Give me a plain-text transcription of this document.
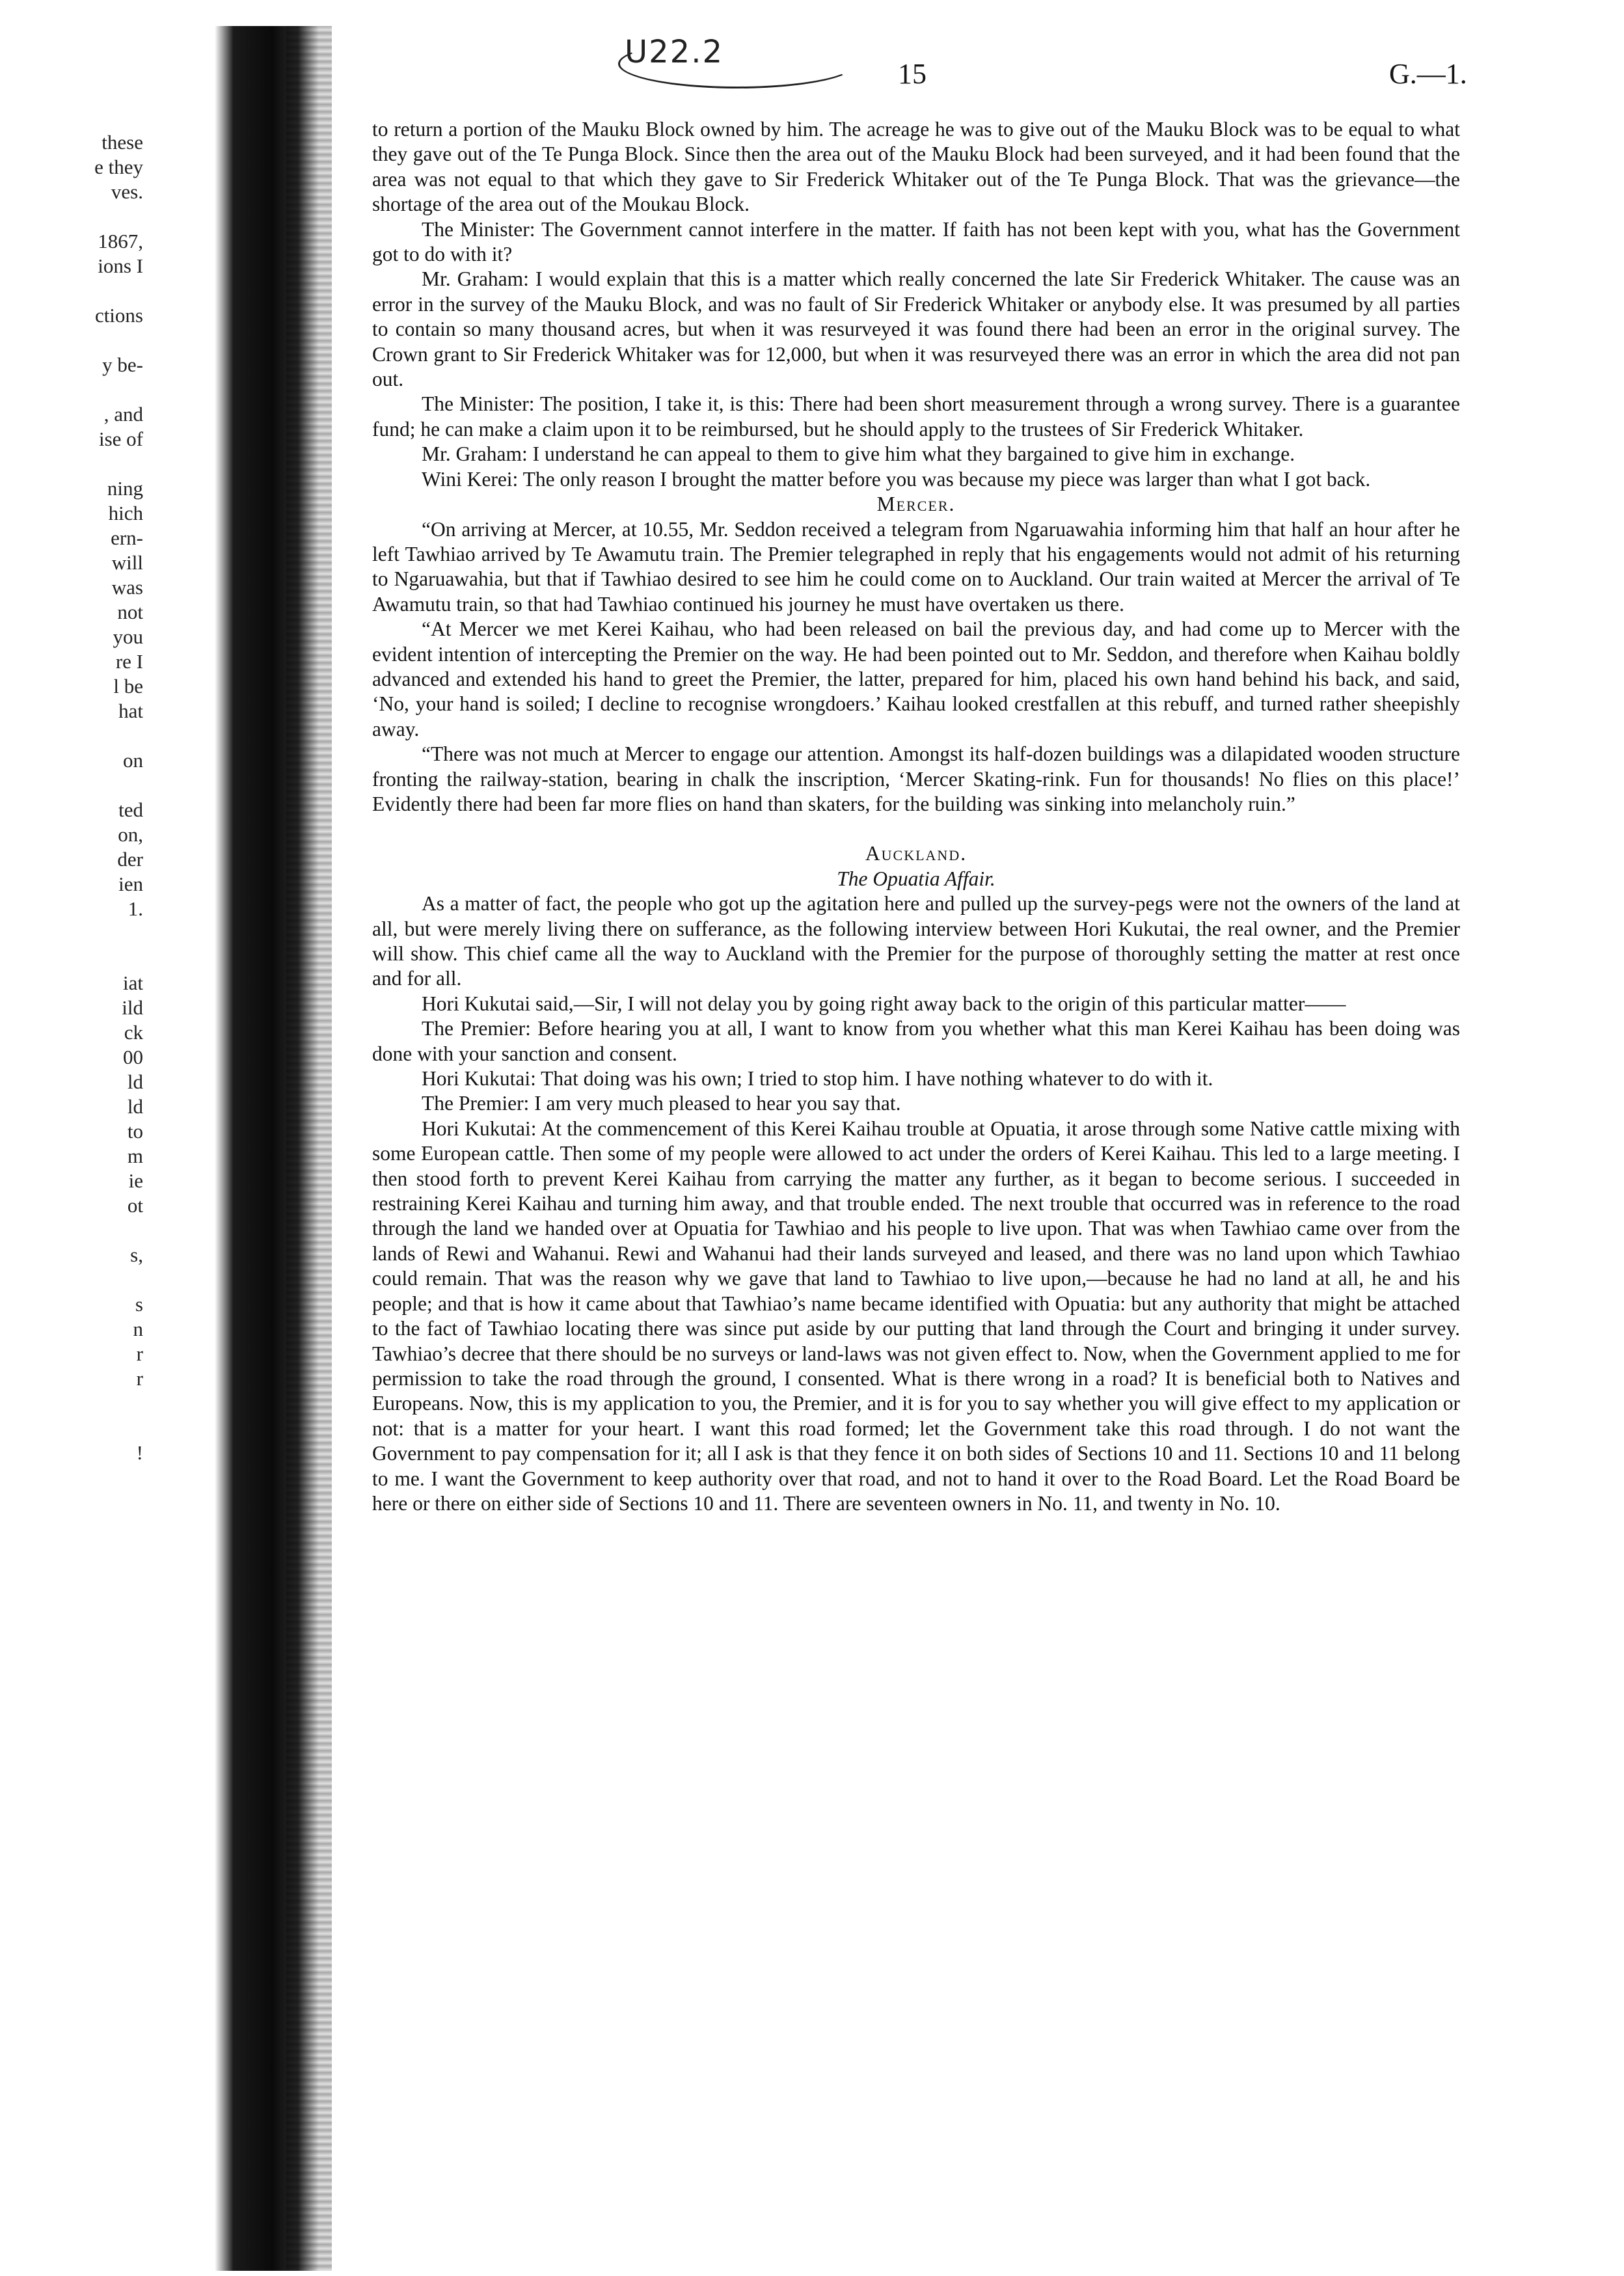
these
e they
ves.

1867,
ions I

ctions

y be-

, and
ise of

ning
hich
ern-
will
was
not
you
re I
l be
hat

on

ted
on,
der
ien
1.

iat
ild
ck
00
ld
ld
to
m
ie
ot

s,

s
n
r
r

!
U22.2
15	G.—1.

to return a portion of the Mauku Block owned by him. The acreage he was to give out of the Mauku Block was to be equal to what they gave out of the Te Punga Block. Since then the area out of the Mauku Block had been surveyed, and it had been found that the area was not equal to that which they gave to Sir Frederick Whitaker out of the Te Punga Block. That was the grievance—the shortage of the area out of the Moukau Block.

The Minister: The Government cannot interfere in the matter. If faith has not been kept with you, what has the Government got to do with it?

Mr. Graham: I would explain that this is a matter which really concerned the late Sir Frederick Whitaker. The cause was an error in the survey of the Mauku Block, and was no fault of Sir Frederick Whitaker or anybody else. It was presumed by all parties to contain so many thousand acres, but when it was resurveyed it was found there had been an error in the original survey. The Crown grant to Sir Frederick Whitaker was for 12,000, but when it was resurveyed there was an error in which the area did not pan out.

The Minister: The position, I take it, is this: There had been short measurement through a wrong survey. There is a guarantee fund; he can make a claim upon it to be reimbursed, but he should apply to the trustees of Sir Frederick Whitaker.

Mr. Graham: I understand he can appeal to them to give him what they bargained to give him in exchange.

Wini Kerei: The only reason I brought the matter before you was because my piece was larger than what I got back.

Mercer.

“On arriving at Mercer, at 10.55, Mr. Seddon received a telegram from Ngaruawahia informing him that half an hour after he left Tawhiao arrived by Te Awamutu train. The Premier telegraphed in reply that his engagements would not admit of his returning to Ngaruawahia, but that if Tawhiao desired to see him he could come on to Auckland. Our train waited at Mercer the arrival of Te Awamutu train, so that had Tawhiao continued his journey he must have overtaken us there.

“At Mercer we met Kerei Kaihau, who had been released on bail the previous day, and had come up to Mercer with the evident intention of intercepting the Premier on the way. He had been pointed out to Mr. Seddon, and therefore when Kaihau boldly advanced and extended his hand to greet the Premier, the latter, prepared for him, placed his own hand behind his back, and said, ‘No, your hand is soiled; I decline to recognise wrongdoers.’ Kaihau looked crestfallen at this rebuff, and turned rather sheepishly away.

“There was not much at Mercer to engage our attention. Amongst its half-dozen buildings was a dilapidated wooden structure fronting the railway-station, bearing in chalk the inscription, ‘Mercer Skating-rink. Fun for thousands! No flies on this place!’ Evidently there had been far more flies on hand than skaters, for the building was sinking into melancholy ruin.”

Auckland.

The Opuatia Affair.

As a matter of fact, the people who got up the agitation here and pulled up the survey-pegs were not the owners of the land at all, but were merely living there on sufferance, as the following interview between Hori Kukutai, the real owner, and the Premier will show. This chief came all the way to Auckland with the Premier for the purpose of thoroughly setting the matter at rest once and for all.

Hori Kukutai said,—Sir, I will not delay you by going right away back to the origin of this particular matter——

The Premier: Before hearing you at all, I want to know from you whether what this man Kerei Kaihau has been doing was done with your sanction and consent.

Hori Kukutai: That doing was his own; I tried to stop him. I have nothing whatever to do with it.

The Premier: I am very much pleased to hear you say that.

Hori Kukutai: At the commencement of this Kerei Kaihau trouble at Opuatia, it arose through some Native cattle mixing with some European cattle. Then some of my people were allowed to act under the orders of Kerei Kaihau. This led to a large meeting. I then stood forth to prevent Kerei Kaihau from carrying the matter any further, as it began to become serious. I succeeded in restraining Kerei Kaihau and turning him away, and that trouble ended. The next trouble that occurred was in reference to the road through the land we handed over at Opuatia for Tawhiao and his people to live upon. That was when Tawhiao came over from the lands of Rewi and Wahanui. Rewi and Wahanui had their lands surveyed and leased, and there was no land upon which Tawhiao could remain. That was the reason why we gave that land to Tawhiao to live upon,—because he had no land at all, he and his people; and that is how it came about that Tawhiao’s name became identified with Opuatia: but any authority that might be attached to the fact of Tawhiao locating there was since put aside by our putting that land through the Court and bringing it under survey. Tawhiao’s decree that there should be no surveys or land-laws was not given effect to. Now, when the Government applied to me for permission to take the road through the ground, I consented. What is there wrong in a road? It is beneficial both to Natives and Europeans. Now, this is my application to you, the Premier, and it is for you to say whether you will give effect to my application or not: that is a matter for your heart. I want this road formed; let the Government take this road through. I do not want the Government to pay compensation for it; all I ask is that they fence it on both sides of Sections 10 and 11. Sections 10 and 11 belong to me. I want the Government to keep authority over that road, and not to hand it over to the Road Board. Let the Road Board be here or there on either side of Sections 10 and 11. There are seventeen owners in No. 11, and twenty in No. 10.
